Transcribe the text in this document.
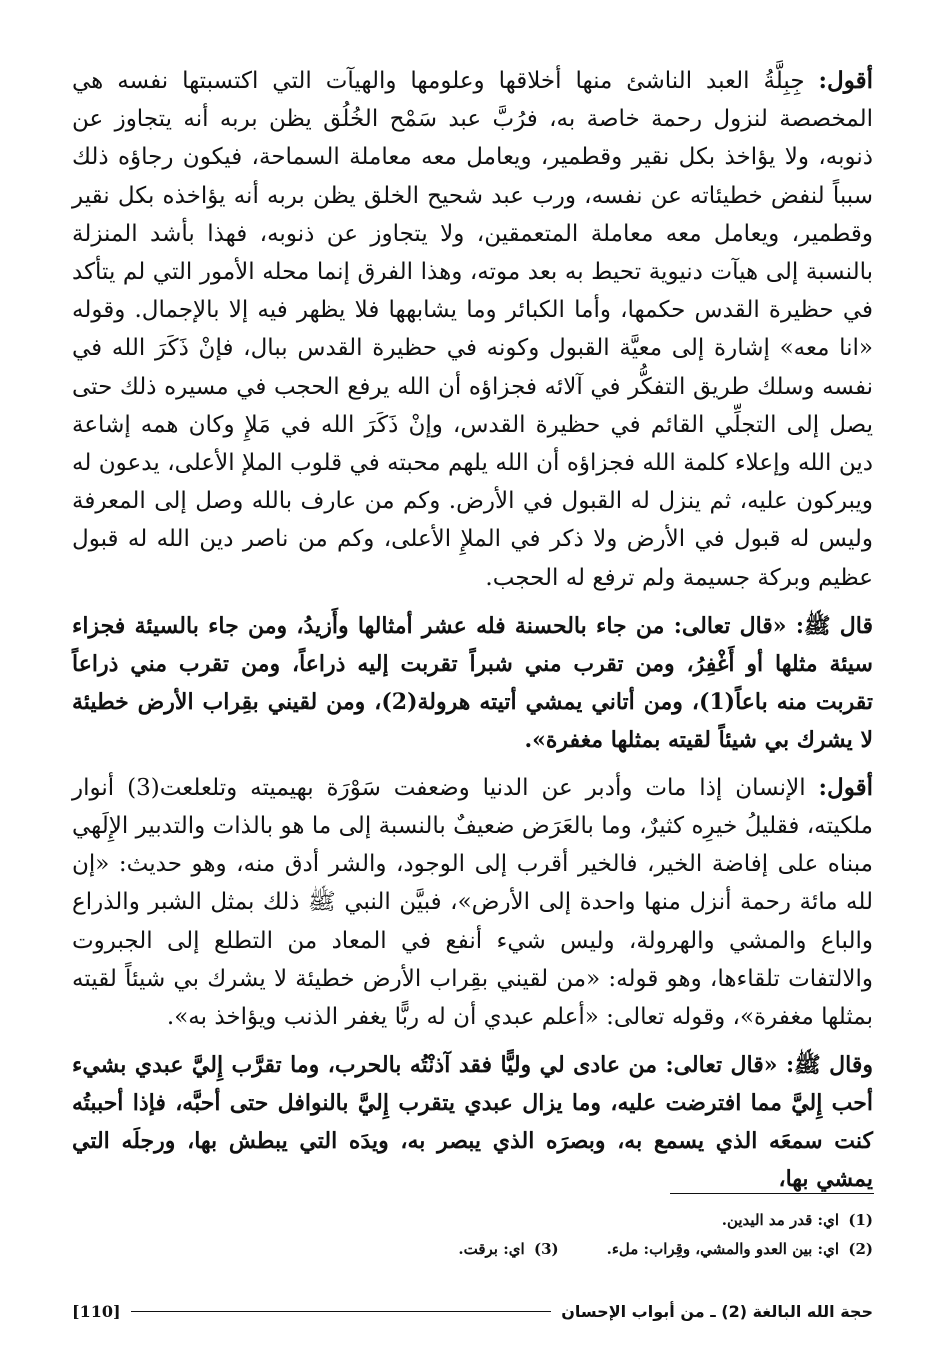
أقول: جِبِلَّةُ العبد الناشئ منها أخلاقها وعلومها والهيآت التي اكتسبتها نفسه هي المخصصة لنزول رحمة خاصة به، فرُبَّ عبد سَمْح الخُلُق يظن بربه أنه يتجاوز عن ذنوبه، ولا يؤاخذ بكل نقير وقطمير، ويعامل معه معاملة السماحة، فيكون رجاؤه ذلك سبباً لنفض خطيئاته عن نفسه، ورب عبد شحيح الخلق يظن بربه أنه يؤاخذه بكل نقير وقطمير، ويعامل معه معاملة المتعمقين، ولا يتجاوز عن ذنوبه، فهذا بأشد المنزلة بالنسبة إلى هيآت دنيوية تحيط به بعد موته، وهذا الفرق إنما محله الأمور التي لم يتأكد في حظيرة القدس حكمها، وأما الكبائر وما يشابهها فلا يظهر فيه إلا بالإجمال. وقوله «انا معه» إشارة إلى معيَّة القبول وكونه في حظيرة القدس ببال، فإنْ ذَكَرَ الله في نفسه وسلك طريق التفكُّر في آلائه فجزاؤه أن الله يرفع الحجب في مسيره ذلك حتى يصل إلى التجلِّي القائم في حظيرة القدس، وإنْ ذَكَرَ الله في مَلإِ وكان همه إشاعة دين الله وإعلاء كلمة الله فجزاؤه أن الله يلهم محبته في قلوب الملإ الأعلى، يدعون له ويبركون عليه، ثم ينزل له القبول في الأرض. وكم من عارف بالله وصل إلى المعرفة وليس له قبول في الأرض ولا ذكر في الملإِ الأعلى، وكم من ناصر دين الله له قبول عظيم وبركة جسيمة ولم ترفع له الحجب.

قال ﷺ: «قال تعالى: من جاء بالحسنة فله عشر أمثالها وأَزيدُ، ومن جاء بالسيئة فجزاء سيئة مثلها أو أَغْفِرُ، ومن تقرب مني شبراً تقربت إليه ذراعاً، ومن تقرب مني ذراعاً تقربت منه باعاً(1)، ومن أتاني يمشي أتيته هرولة(2)، ومن لقيني بقِراب الأرض خطيئة لا يشرك بي شيئاً لقيته بمثلها مغفرة».

أقول: الإنسان إذا مات وأدبر عن الدنيا وضعفت سَوْرَة بهيميته وتلعلعت(3) أنوار ملكيته، فقليلُ خيرِه كثيرٌ، وما بالعَرَض ضعيفٌ بالنسبة إلى ما هو بالذات والتدبير الإِلَهي مبناه على إفاضة الخير، فالخير أقرب إلى الوجود، والشر أدق منه، وهو حديث: «إن لله مائة رحمة أنزل منها واحدة إلى الأرض»، فبيَّن النبي ﷺ ذلك بمثل الشبر والذراع والباع والمشي والهرولة، وليس شيء أنفع في المعاد من التطلع إلى الجبروت والالتفات تلقاءها، وهو قوله: «من لقيني بقِراب الأرض خطيئة لا يشرك بي شيئاً لقيته بمثلها مغفرة»، وقوله تعالى: «أعلم عبدي أن له ربًّا يغفر الذنب ويؤاخذ به».

وقال ﷺ: «قال تعالى: من عادى لي وليًّا فقد آذنْتُه بالحرب، وما تقرَّب إِليَّ عبدي بشيء أحب إِليَّ مما افترضت عليه، وما يزال عبدي يتقرب إِليَّ بالنوافل حتى أحبَّه، فإذا أحببتُه كنت سمعَه الذي يسمع به، وبصرَه الذي يبصر به، ويدَه التي يبطش بها، ورجلَه التي يمشي بها،

(1)
اي: قدر مد اليدين.
(2)
اي: بين العدو والمشي، وقِراب: ملء.
(3)
اي: برقت.
حجة الله البالغة (2) ـ من أبواب الإحسان
[110]
